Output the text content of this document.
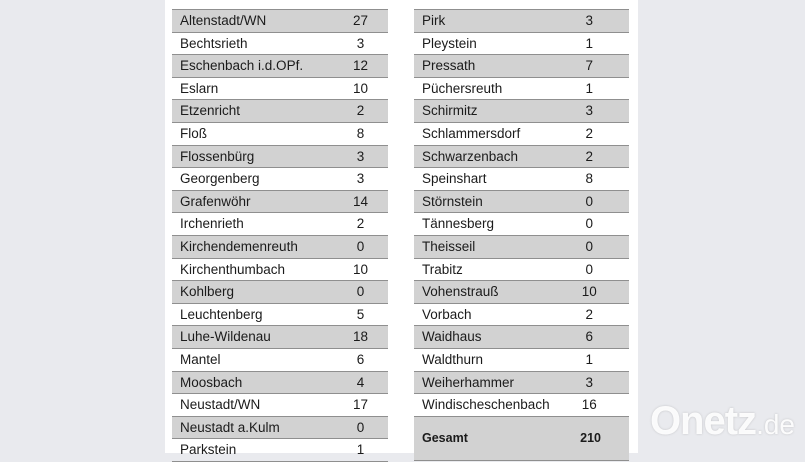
Altenstadt/WN	27
Bechtsrieth	3
Eschenbach i.d.OPf.	12
Eslarn	10
Etzenricht	2
Floß	8
Flossenbürg	3
Georgenberg	3
Grafenwöhr	14
Irchenrieth	2
Kirchendemenreuth	0
Kirchenthumbach	10
Kohlberg	0
Leuchtenberg	5
Luhe-Wildenau	18
Mantel	6
Moosbach	4
Neustadt/WN	17
Neustadt a.Kulm	0
Parkstein	1
Pirk	3
Pleystein	1
Pressath	7
Püchersreuth	1
Schirmitz	3
Schlammersdorf	2
Schwarzenbach	2
Speinshart	8
Störnstein	0
Tännesberg	0
Theisseil	0
Trabitz	0
Vohenstrauß	10
Vorbach	2
Waidhaus	6
Waldthurn	1
Weiherhammer	3
Windischeschenbach	16
Gesamt	210 Onetz.de
